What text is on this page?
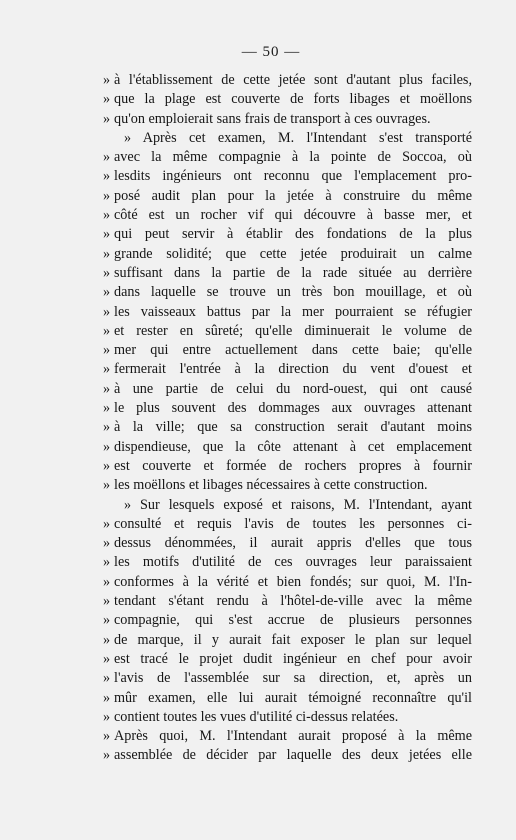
— 50 —
» à l'établissement de cette jetée sont d'autant plus faciles,
» que la plage est couverte de forts libages et moëllons
» qu'on emploierait sans frais de transport à ces ouvrages.
» Après cet examen, M. l'Intendant s'est transporté
» avec la même compagnie à la pointe de Soccoa, où
» lesdits ingénieurs ont reconnu que l'emplacement pro-
» posé audit plan pour la jetée à construire du même
» côté est un rocher vif qui découvre à basse mer, et
» qui peut servir à établir des fondations de la plus
» grande solidité; que cette jetée produirait un calme
» suffisant dans la partie de la rade située au derrière
» dans laquelle se trouve un très bon mouillage, et où
» les vaisseaux battus par la mer pourraient se réfugier
» et rester en sûreté; qu'elle diminuerait le volume de
» mer qui entre actuellement dans cette baie; qu'elle
» fermerait l'entrée à la direction du vent d'ouest et
» à une partie de celui du nord-ouest, qui ont causé
» le plus souvent des dommages aux ouvrages attenant
» à la ville; que sa construction serait d'autant moins
» dispendieuse, que la côte attenant à cet emplacement
» est couverte et formée de rochers propres à fournir
» les moëllons et libages nécessaires à cette construction.
» Sur lesquels exposé et raisons, M. l'Intendant, ayant
» consulté et requis l'avis de toutes les personnes ci-
» dessus dénommées, il aurait appris d'elles que tous
» les motifs d'utilité de ces ouvrages leur paraissaient
» conformes à la vérité et bien fondés; sur quoi, M. l'In-
» tendant s'étant rendu à l'hôtel-de-ville avec la même
» compagnie, qui s'est accrue de plusieurs personnes
» de marque, il y aurait fait exposer le plan sur lequel
» est tracé le projet dudit ingénieur en chef pour avoir
» l'avis de l'assemblée sur sa direction, et, après un
» mûr examen, elle lui aurait témoigné reconnaître qu'il
» contient toutes les vues d'utilité ci-dessus relatées.
» Après quoi, M. l'Intendant aurait proposé à la même
» assemblée de décider par laquelle des deux jetées elle
